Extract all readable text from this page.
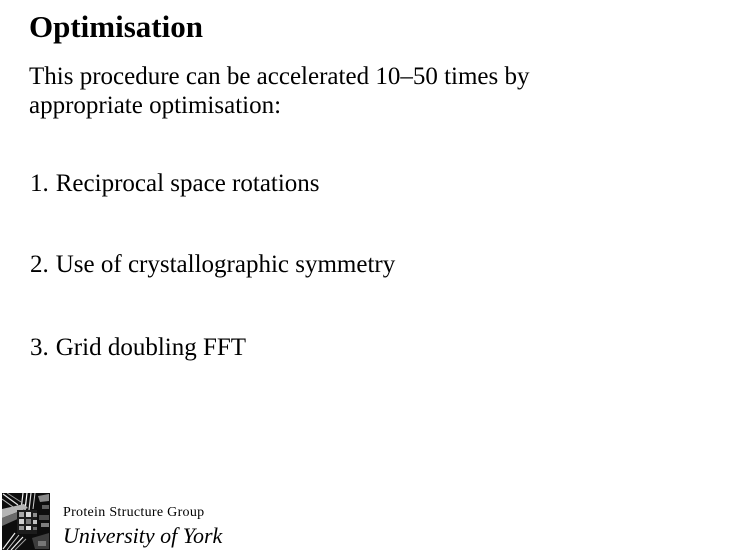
Optimisation
This procedure can be accelerated 10–50 times by
appropriate optimisation:
1. Reciprocal space rotations
2. Use of crystallographic symmetry
3. Grid doubling FFT
Protein Structure Group
University of York
